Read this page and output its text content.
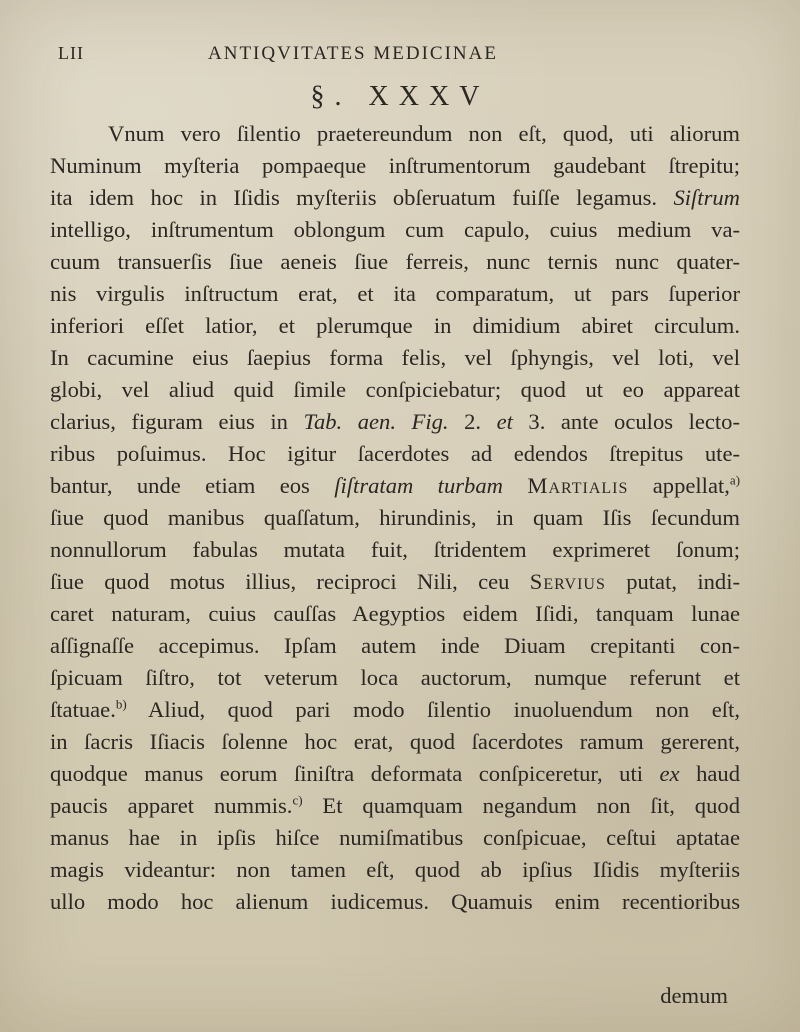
LII	ANTIQVITATES MEDICINAE
§. XXXV
Vnum vero ſilentio praetereundum non eſt, quod, uti aliorum
Numinum myſteria pompaeque inſtrumentorum gaudebant ſtrepitu;
ita idem hoc in Iſidis myſteriis obſeruatum fuiſſe legamus. Siſtrum
intelligo, inſtrumentum oblongum cum capulo, cuius medium va-
cuum transuerſis ſiue aeneis ſiue ferreis, nunc ternis nunc quater-
nis virgulis inſtructum erat, et ita comparatum, ut pars ſuperior
inferiori eſſet latior, et plerumque in dimidium abiret circulum.
In cacumine eius ſaepius forma felis, vel ſphyngis, vel loti, vel
globi, vel aliud quid ſimile conſpiciebatur; quod ut eo appareat
clarius, figuram eius in Tab. aen. Fig. 2. et 3. ante oculos lecto-
ribus poſuimus. Hoc igitur ſacerdotes ad edendos ſtrepitus ute-
bantur, unde etiam eos ſiſtratam turbam Martialis appellat,$^{a)}$
ſiue quod manibus quaſſatum, hirundinis, in quam Iſis ſecundum
nonnullorum fabulas mutata fuit, ſtridentem exprimeret ſonum;
ſiue quod motus illius, reciproci Nili, ceu Servius putat, indi-
caret naturam, cuius cauſſas Aegyptios eidem Iſidi, tanquam lunae
aſſignaſſe accepimus. Ipſam autem inde Diuam crepitanti con-
ſpicuam ſiſtro, tot veterum loca auctorum, numque referunt et
ſtatuae.$^{b)}$ Aliud, quod pari modo ſilentio inuoluendum non eſt,
in ſacris Iſiacis ſolenne hoc erat, quod ſacerdotes ramum gererent,
quodque manus eorum ſiniſtra deformata conſpiceretur, uti ex haud
paucis apparet nummis.$^{c)}$ Et quamquam negandum non ſit, quod
manus hae in ipſis hiſce numiſmatibus conſpicuae, ceſtui aptatae
magis videantur: non tamen eſt, quod ab ipſius Iſidis myſteriis
ullo modo hoc alienum iudicemus. Quamuis enim recentioribus
demum
